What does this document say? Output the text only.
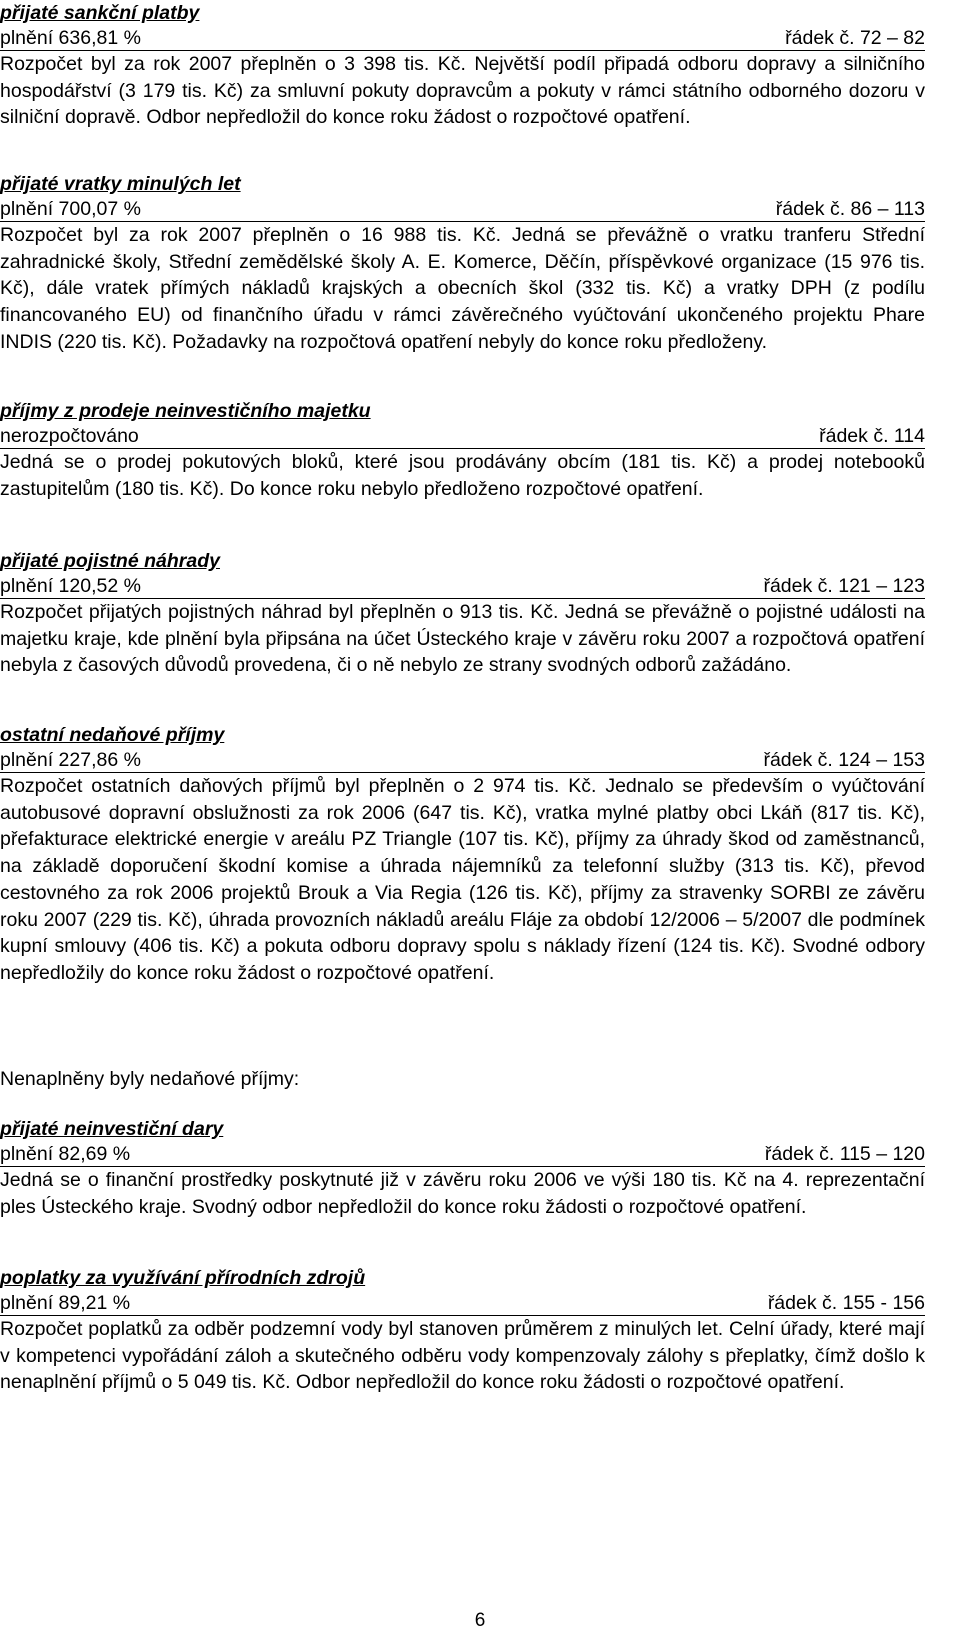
přijaté sankční platby
plnění 636,81 %	řádek č. 72 – 82
Rozpočet byl za rok 2007 přeplněn o 3 398 tis. Kč. Největší podíl připadá odboru dopravy a silničního hospodářství (3 179 tis. Kč) za smluvní pokuty dopravcům a pokuty v rámci státního odborného dozoru v silniční dopravě. Odbor nepředložil do konce roku žádost o rozpočtové opatření.
přijaté vratky minulých let
plnění 700,07 %	řádek č. 86 – 113
Rozpočet byl za rok 2007 přeplněn o 16 988 tis. Kč. Jedná se převážně o vratku tranferu Střední zahradnické školy, Střední zemědělské školy A. E. Komerce, Děčín, příspěvkové organizace (15 976 tis. Kč), dále vratek přímých nákladů krajských a obecních škol (332 tis. Kč) a vratky DPH (z podílu financovaného EU) od finančního úřadu v rámci závěrečného vyúčtování ukončeného projektu Phare INDIS (220 tis. Kč). Požadavky na rozpočtová opatření nebyly do konce roku předloženy.
příjmy z prodeje neinvestičního majetku
nerozpočtováno	řádek č. 114
Jedná se o prodej pokutových bloků, které jsou prodávány obcím (181 tis. Kč) a prodej notebooků zastupitelům (180 tis. Kč). Do konce roku nebylo předloženo rozpočtové opatření.
přijaté pojistné náhrady
plnění 120,52 %	řádek č. 121 – 123
Rozpočet přijatých pojistných náhrad byl přeplněn o 913 tis. Kč. Jedná se převážně o pojistné události na majetku kraje, kde plnění byla připsána na účet Ústeckého kraje v závěru roku 2007 a rozpočtová opatření nebyla z časových důvodů provedena, či o ně nebylo ze strany svodných odborů zažádáno.
ostatní nedaňové příjmy
plnění 227,86 %	řádek č. 124 – 153
Rozpočet ostatních daňových příjmů byl přeplněn o 2 974 tis. Kč. Jednalo se především o vyúčtování autobusové dopravní obslužnosti za rok 2006 (647 tis. Kč), vratka mylné platby obci Lkáň (817 tis. Kč), přefakturace elektrické energie v areálu PZ Triangle (107 tis. Kč), příjmy za úhrady škod od zaměstnanců, na základě doporučení škodní komise a úhrada nájemníků za telefonní služby (313 tis. Kč), převod cestovného za rok 2006 projektů Brouk a Via Regia (126 tis. Kč), příjmy za stravenky SORBI ze závěru roku 2007 (229 tis. Kč), úhrada provozních nákladů areálu Fláje za období 12/2006 – 5/2007 dle podmínek kupní smlouvy (406 tis. Kč) a pokuta odboru dopravy spolu s náklady řízení (124 tis. Kč). Svodné odbory nepředložily do konce roku žádost o rozpočtové opatření.
Nenaplněny byly nedaňové příjmy:
přijaté neinvestiční dary
plnění 82,69 %	řádek č. 115 – 120
Jedná se o finanční prostředky poskytnuté již v závěru roku 2006 ve výši 180 tis. Kč na 4. reprezentační ples Ústeckého kraje. Svodný odbor nepředložil do konce roku žádosti o rozpočtové opatření.
poplatky za využívání přírodních zdrojů
plnění 89,21 %	řádek č. 155 - 156
Rozpočet poplatků za odběr podzemní vody byl stanoven průměrem z minulých let. Celní úřady, které mají v kompetenci vypořádání záloh a skutečného odběru vody kompenzovaly zálohy s přeplatky, čímž došlo k nenaplnění příjmů o 5 049 tis. Kč. Odbor nepředložil do konce roku žádosti o rozpočtové opatření.
6
